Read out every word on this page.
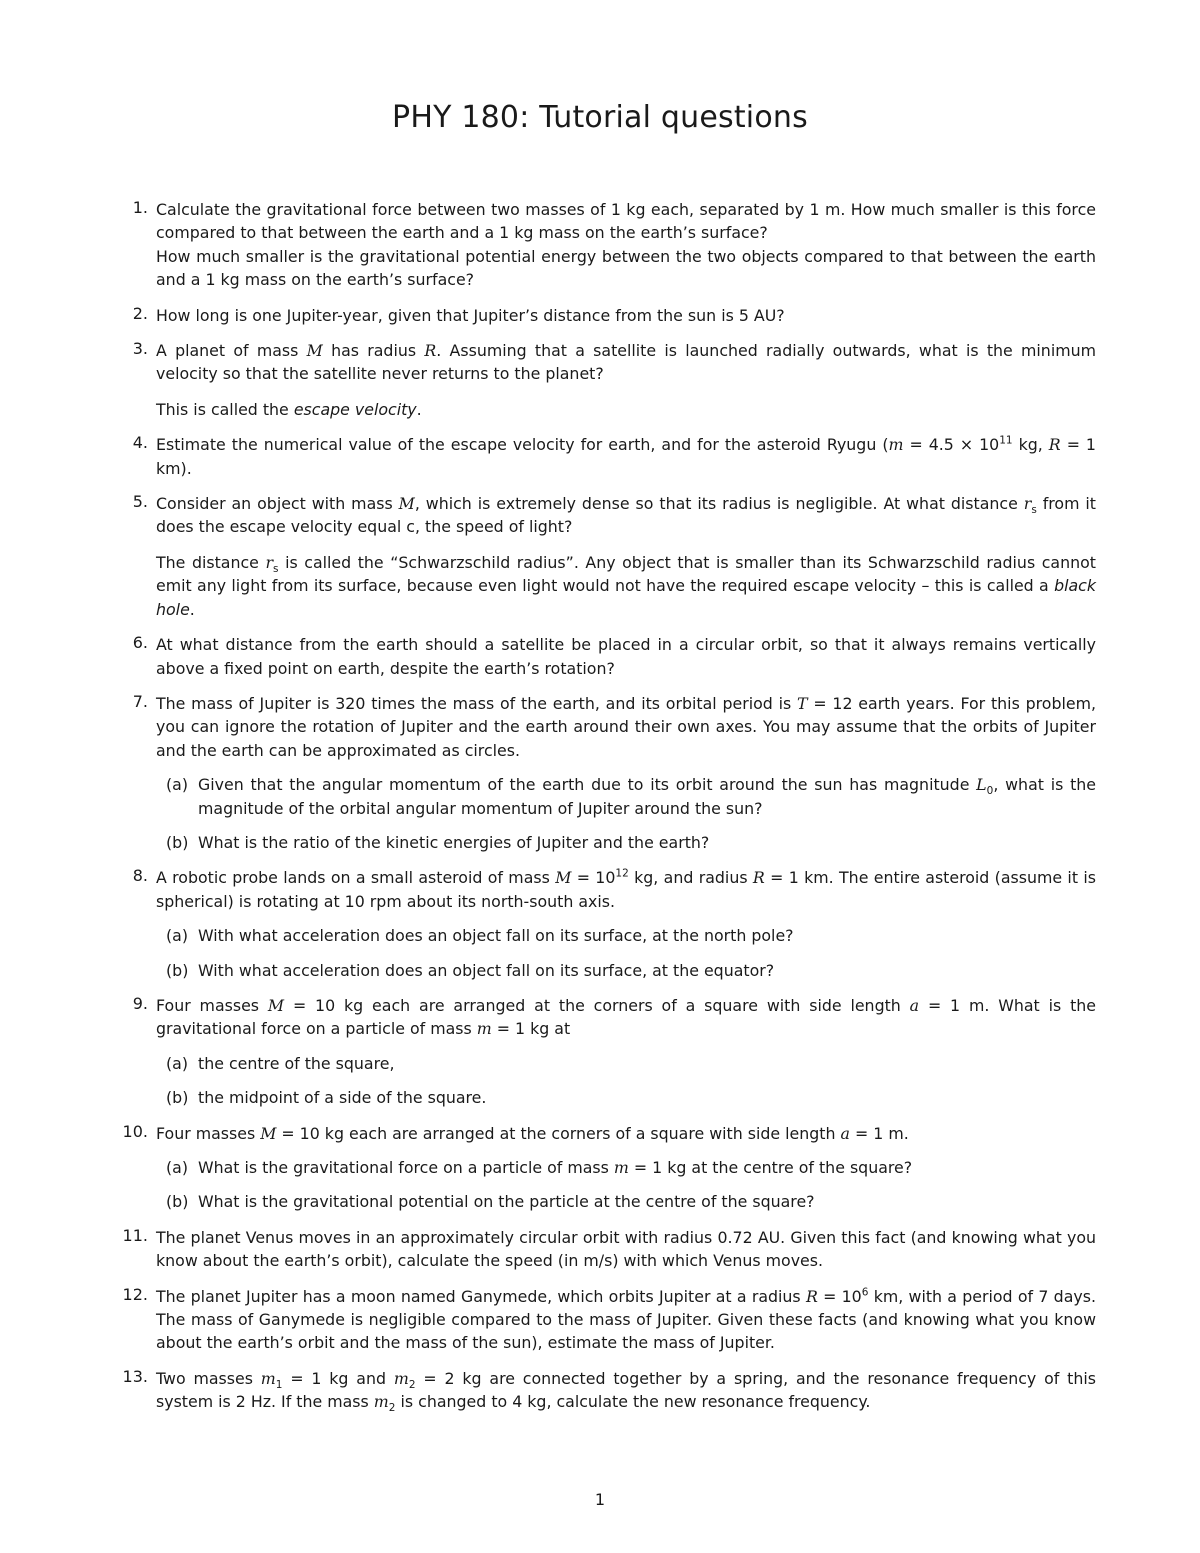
PHY 180: Tutorial questions
1. Calculate the gravitational force between two masses of 1 kg each, separated by 1 m. How much smaller is this force compared to that between the earth and a 1 kg mass on the earth’s surface?

How much smaller is the gravitational potential energy between the two objects compared to that between the earth and a 1 kg mass on the earth’s surface?

2. How long is one Jupiter-year, given that Jupiter’s distance from the sun is 5 AU?

3. A planet of mass M has radius R. Assuming that a satellite is launched radially outwards, what is the minimum velocity so that the satellite never returns to the planet?

This is called the escape velocity.

4. Estimate the numerical value of the escape velocity for earth, and for the asteroid Ryugu ($m = 4.5 \times 10^{11}$ kg, R = 1 km).

5. Consider an object with mass M, which is extremely dense so that its radius is negligible. At what distance $r_s$ from it does the escape velocity equal c, the speed of light?

The distance $r_s$ is called the “Schwarzschild radius”. Any object that is smaller than its Schwarzschild radius cannot emit any light from its surface, because even light would not have the required escape velocity – this is called a black hole.

6. At what distance from the earth should a satellite be placed in a circular orbit, so that it always remains vertically above a fixed point on earth, despite the earth’s rotation?

7. The mass of Jupiter is 320 times the mass of the earth, and its orbital period is T = 12 earth years. For this problem, you can ignore the rotation of Jupiter and the earth around their own axes. You may assume that the orbits of Jupiter and the earth can be approximated as circles.

(a) Given that the angular momentum of the earth due to its orbit around the sun has magnitude $L_0$, what is the magnitude of the orbital angular momentum of Jupiter around the sun?
(b) What is the ratio of the kinetic energies of Jupiter and the earth?
8. A robotic probe lands on a small asteroid of mass $M = 10^{12}$ kg, and radius R = 1 km. The entire asteroid (assume it is spherical) is rotating at 10 rpm about its north-south axis.

(a) With what acceleration does an object fall on its surface, at the north pole?
(b) With what acceleration does an object fall on its surface, at the equator?
9. Four masses M = 10 kg each are arranged at the corners of a square with side length a = 1 m. What is the gravitational force on a particle of mass m = 1 kg at

(a) the centre of the square,
(b) the midpoint of a side of the square.
10. Four masses M = 10 kg each are arranged at the corners of a square with side length a = 1 m.

(a) What is the gravitational force on a particle of mass m = 1 kg at the centre of the square?
(b) What is the gravitational potential on the particle at the centre of the square?
11. The planet Venus moves in an approximately circular orbit with radius 0.72 AU. Given this fact (and knowing what you know about the earth’s orbit), calculate the speed (in m/s) with which Venus moves.

12. The planet Jupiter has a moon named Ganymede, which orbits Jupiter at a radius $R = 10^6$ km, with a period of 7 days. The mass of Ganymede is negligible compared to the mass of Jupiter. Given these facts (and knowing what you know about the earth’s orbit and the mass of the sun), estimate the mass of Jupiter.

13. Two masses $m_1 = 1$ kg and $m_2 = 2$ kg are connected together by a spring, and the resonance frequency of this system is 2 Hz. If the mass $m_2$ is changed to 4 kg, calculate the new resonance frequency.

1
